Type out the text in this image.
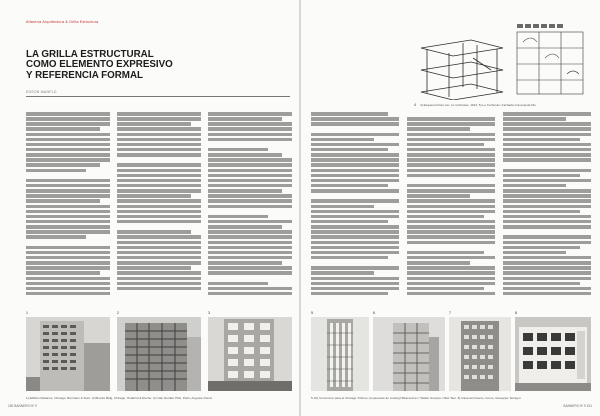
Alfarería Arquitectura & Grilla Estructura
LA GRILLA ESTRUCTURAL
COMO ELEMENTO EXPRESIVO
Y REFERENCIA FORMAL
EDSON MANFLO
1	2	3
1) Edificio Reliance, Chicago, Burnham & Root. 2) Brooks Bldg, Chicago, Holabird & Roche. 3) Cafe Nordfer Hilts, Paris, Auguste Perret.
150 BANNERS Nº 9
4 4) Esquema Dom-ino, Le Corbusier, 1914. 5) Le Corbusier, Fachada Compuesta Dio
5	6	7	8
5-10) Concursos para el Chicago Tribune: propuestas de Ludwig Hilberseimer / Walter Gropius / Max Taut. 8) Casa del Fascio, Como, Giuseppe Terragni.
BANNERS Nº 9 151
